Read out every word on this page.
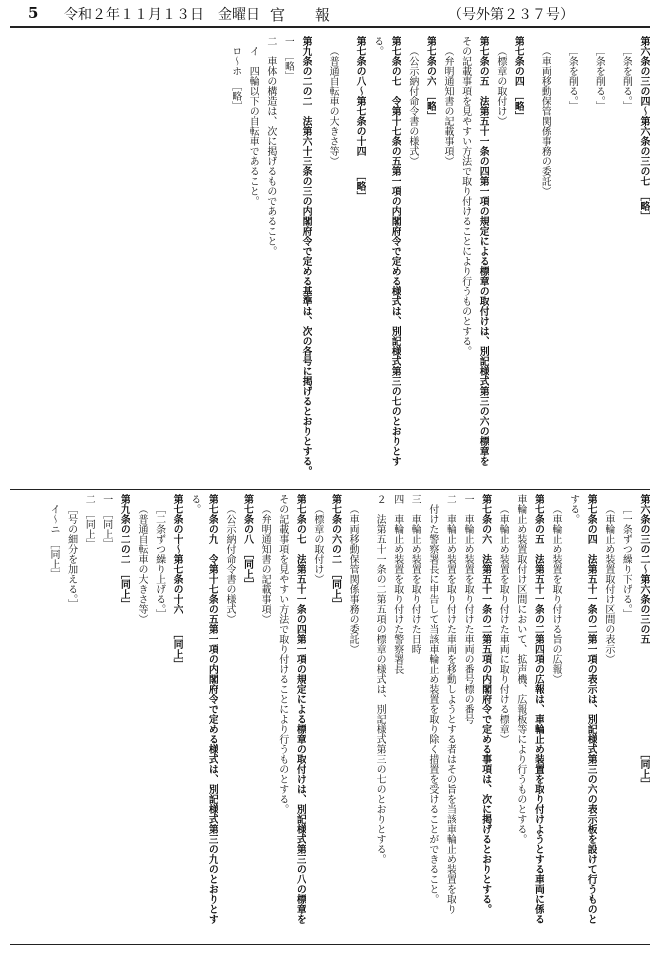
5 令和２年１１月１３日　金曜日 官報	（号外第２３７号）
第六条の三の四～第六条の三の七　［略］
［条を削る。］
［条を削る。］
［条を削る。］
（車両移動保管関係事務の委託）
第七条の四　［略］
（標章の取付け）
第七条の五　法第五十一条の四第一項の規定による標章の取付けは、別記様式第三の六の標章を
その記載事項を見やすい方法で取り付けることにより行うものとする。
（弁明通知書の記載事項）
第七条の六　［略］
（公示納付命令書の様式）
第七条の七　令第十七条の五第一項の内閣府令で定める様式は、別記様式第三の七のとおりとす
る。
第七条の八～第七条の十四　　［略］
（普通自転車の大きさ等）
第九条の二の二　法第六十三条の三の内閣府令で定める基準は、次の各号に掲げるとおりとする。
一　［略］
二　車体の構造は、次に掲げるものであること。
イ　四輪以下の自転車であること。
ロ～ホ　［略］
第六条の三の二～第六条の三の五　　　　　　　　　　　［同上］
［一条ずつ繰り下げる。］
（車輪止め装置取付け区間の表示）
第七条の四　法第五十一条の二第一項の表示は、別記様式第三の六の表示板を設けて行うものと
する。
（車輪止め装置を取り付ける旨の広報）
第七条の五　法第五十一条の二第四項の広報は、車輪止め装置を取り付けようとする車両に係る
車輪止め装置取付け区間において、拡声機、広報板等により行うものとする。
（車輪止め装置を取り付けた車両に取り付ける標章）
第七条の六　法第五十一条の二第五項の内閣府令で定める事項は、次に掲げるとおりとする。
一　車輪止め装置を取り付けた車両の番号標の番号
二　車輪止め装置を取り付けた車両を移動しようとする者はその旨を当該車輪止め装置を取り
付けた警察署長に申告して当該車輪止め装置を取り除く措置を受けることができること。
三　車輪止め装置を取り付けた日時
四　車輪止め装置を取り付けた警察署長
２　法第五十一条の二第五項の標章の様式は、別記様式第三の七のとおりとする。
（車両移動保管関係事務の委託）
第七条の六の二　［同上］
（標章の取付け）
第七条の七　法第五十一条の四第一項の規定による標章の取付けは、別記様式第三の八の標章を
その記載事項を見やすい方法で取り付けることにより行うものとする。
（弁明通知書の記載事項）
第七条の八　［同上］
（公示納付命令書の様式）
第七条の九　令第十七条の五第一項の内閣府令で定める様式は、別記様式第三の九のとおりとす
る。
第七条の十～第七条の十六　　［同上］
［二条ずつ繰り上げる。］
（普通自転車の大きさ等）
第九条の二の二　［同上］
一　［同上］
二　［同上］
［号の細分を加える。］
イ～ニ　［同上］
